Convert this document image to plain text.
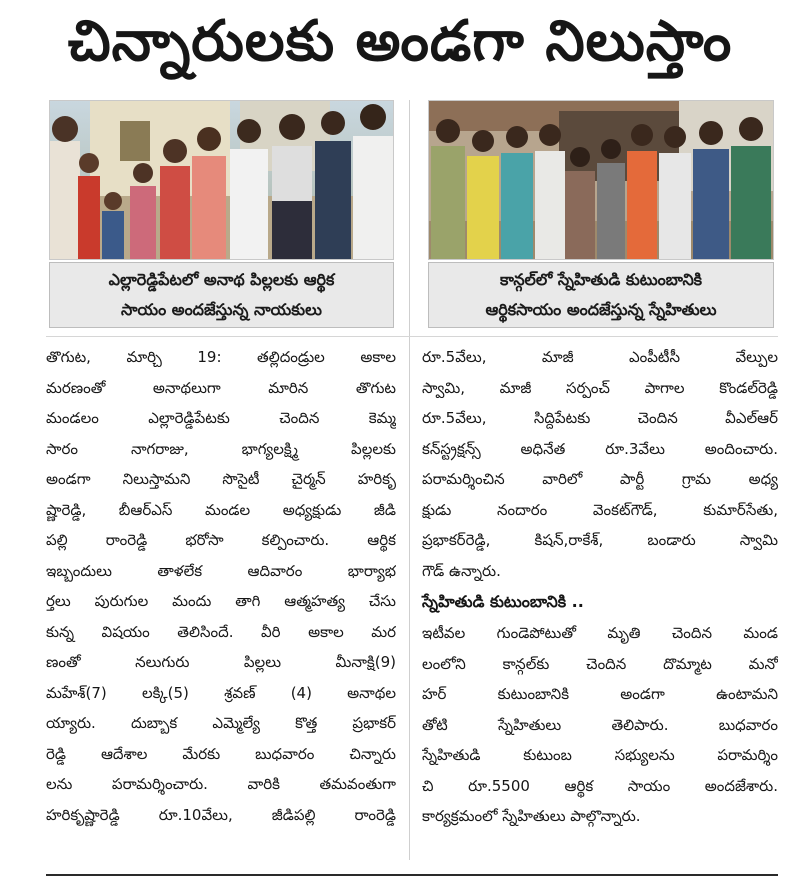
చిన్నారులకు అండగా నిలుస్తాం
ఎల్లారెడ్డిపేటలో అనాథ పిల్లలకు ఆర్థిక
సాయం అందజేస్తున్న నాయకులు
కాన్గల్‌లో స్నేహితుడి కుటుంబానికి
ఆర్థికసాయం అందజేస్తున్న స్నేహితులు
తొగుట, మార్చి 19: తల్లిదండ్రుల అకాల
మరణంతో అనాథలుగా మారిన తొగుట
మండలం ఎల్లారెడ్డిపేటకు చెందిన కెమ్మ
సారం నాగరాజు, భాగ్యలక్ష్మి పిల్లలకు
అండగా నిలుస్తామని సొసైటీ చైర్మన్ హరికృ
ష్ణారెడ్డి, బీఆర్ఎస్ మండల అధ్యక్షుడు జీడి
పల్లి రాంరెడ్డి భరోసా కల్పించారు. ఆర్థిక
ఇబ్బందులు తాళలేక ఆదివారం భార్యాభ
ర్తలు పురుగుల మందు తాగి ఆత్మహత్య చేసు
కున్న విషయం తెలిసిందే. వీరి అకాల మర
ణంతో నలుగురు పిల్లలు మీనాక్షి(9)
మహేశ్(7) లక్కి(5) శ్రవణ్ (4) అనాథల
య్యారు. దుబ్బాక ఎమ్మెల్యే కొత్త ప్రభాకర్
రెడ్డి ఆదేశాల మేరకు బుధవారం చిన్నారు
లను పరామర్శించారు. వారికి తమవంతుగా
హరికృష్ణారెడ్డి రూ.10వేలు, జీడిపల్లి రాంరెడ్డి
రూ.5వేలు, మాజీ ఎంపీటీసీ వేల్పుల
స్వామి, మాజీ సర్పంచ్ పాగాల కొండల్‌రెడ్డి
రూ.5వేలు, సిద్దిపేటకు చెందిన వీఎల్ఆర్
కన్‌స్ట్రక్షన్స్ అధినేత రూ.3వేలు అందించారు.
పరామర్శించిన వారిలో పార్టీ గ్రామ అధ్య
క్షుడు నందారం వెంకట్‌గౌడ్, కుమార్‌సేతు,
ప్రభాకర్‌రెడ్డి, కిషన్,రాకేశ్, బండారు స్వామి
గౌడ్ ఉన్నారు.
స్నేహితుడి కుటుంబానికి ..
ఇటీవల గుండెపోటుతో మృతి చెందిన మండ
లంలోని కాన్గల్‌కు చెందిన దొమ్మాట మనో
హర్ కుటుంబానికి అండగా ఉంటామని
తోటి స్నేహితులు తెలిపారు. బుధవారం
స్నేహితుడి కుటుంబ సభ్యులను పరామర్శిం
చి రూ.5500 ఆర్థిక సాయం అందజేశారు.
కార్యక్రమంలో స్నేహితులు పాల్గొన్నారు.
